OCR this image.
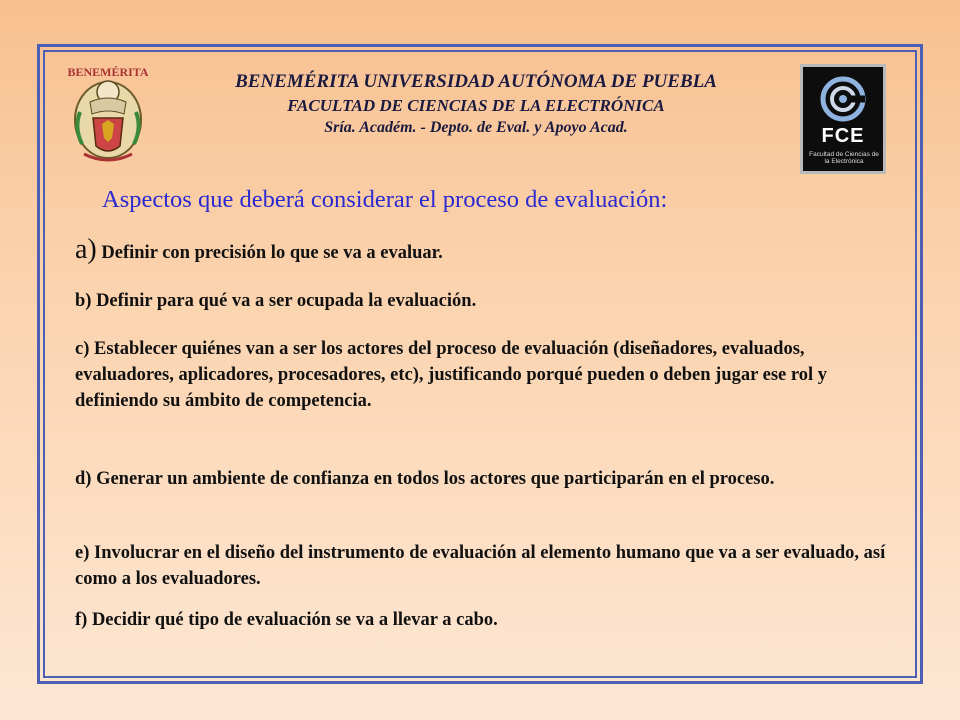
BENEMÉRITA	BENEMÉRITA UNIVERSIDAD AUTÓNOMA DE PUEBLA
FACULTAD DE CIENCIAS DE LA ELECTRÓNICA
Sría. Académ. - Depto. de Eval. y Apoyo Acad.	FCE
Facultad de Ciencias de la Electrónica
Aspectos que deberá considerar el proceso de evaluación:
a) Definir con precisión lo que se va a evaluar.
b) Definir para qué va a ser ocupada la evaluación.
c) Establecer quiénes van a ser los actores del proceso de evaluación (diseñadores, evaluados, evaluadores, aplicadores, procesadores, etc), justificando porqué pueden o deben jugar ese rol y definiendo su ámbito de competencia.
d) Generar un ambiente de confianza en todos los actores que participarán en el proceso.
e) Involucrar en el diseño del instrumento de evaluación al elemento humano que va a ser evaluado, así como a los evaluadores.
f) Decidir qué tipo de evaluación se va a llevar a cabo.
